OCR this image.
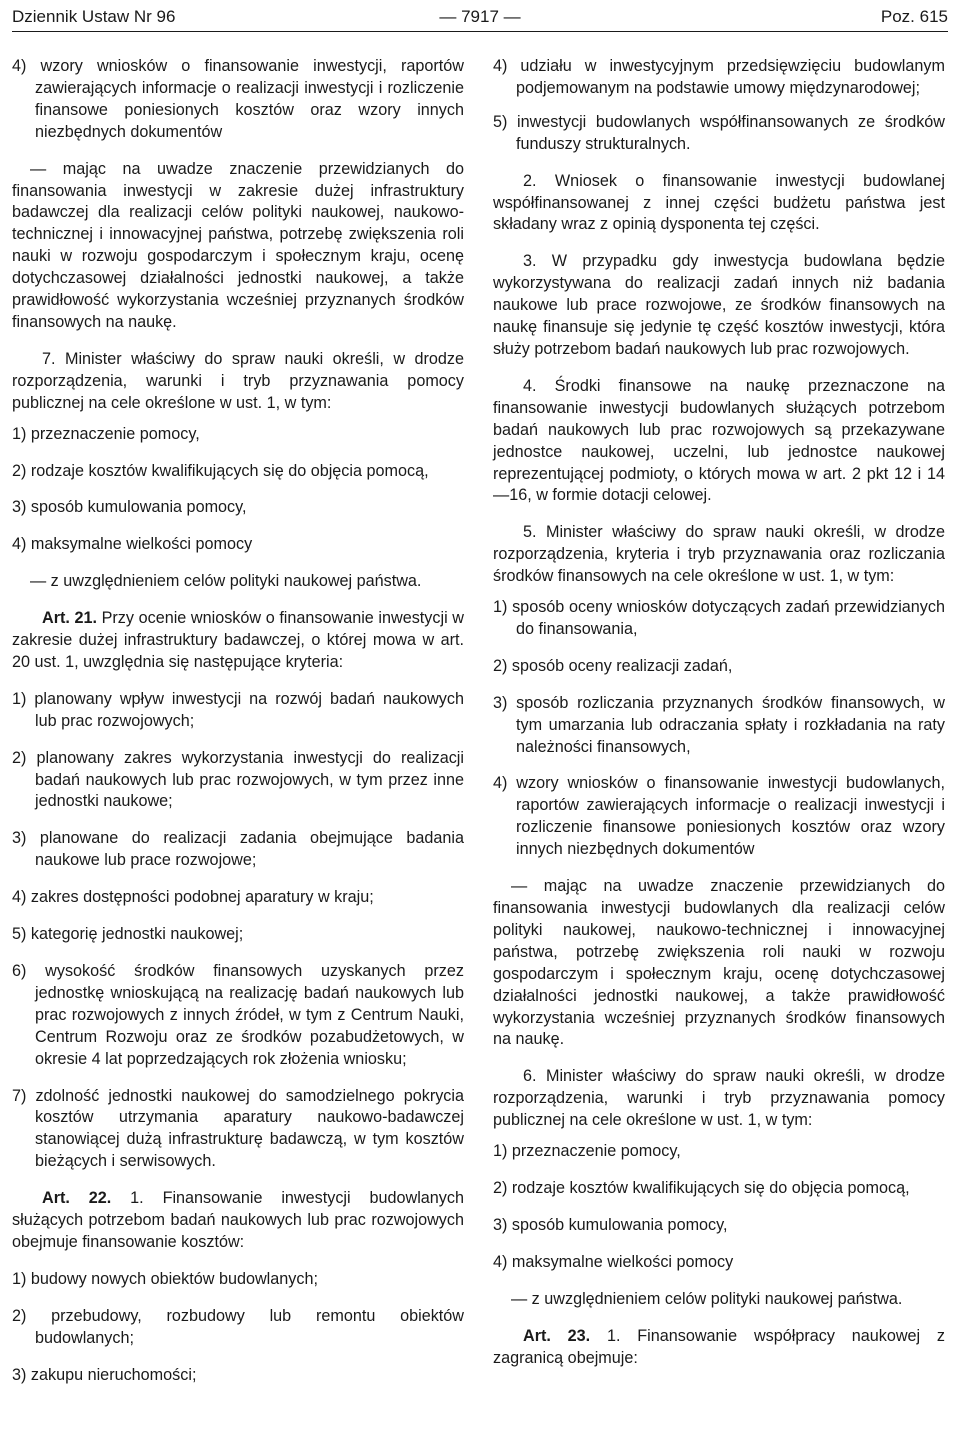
Dziennik Ustaw Nr 96	— 7917 —	Poz. 615

4) wzory wniosków o finansowanie inwestycji, raportów zawierających informacje o realizacji inwestycji i rozliczenie finansowe poniesionych kosztów oraz wzory innych niezbędnych dokumentów

— mając na uwadze znaczenie przewidzianych do finansowania inwestycji w zakresie dużej infrastruktury badawczej dla realizacji celów polityki naukowej, naukowo-technicznej i innowacyjnej państwa, potrzebę zwiększenia roli nauki w rozwoju gospodarczym i społecznym kraju, ocenę dotychczasowej działalności jednostki naukowej, a także prawidłowość wykorzystania wcześniej przyznanych środków finansowych na naukę.

7. Minister właściwy do spraw nauki określi, w drodze rozporządzenia, warunki i tryb przyznawania pomocy publicznej na cele określone w ust. 1, w tym:

1) przeznaczenie pomocy,

2) rodzaje kosztów kwalifikujących się do objęcia pomocą,

3) sposób kumulowania pomocy,

4) maksymalne wielkości pomocy

— z uwzględnieniem celów polityki naukowej państwa.

Art. 21. Przy ocenie wniosków o finansowanie inwestycji w zakresie dużej infrastruktury badawczej, o której mowa w art. 20 ust. 1, uwzględnia się następujące kryteria:

1) planowany wpływ inwestycji na rozwój badań naukowych lub prac rozwojowych;

2) planowany zakres wykorzystania inwestycji do realizacji badań naukowych lub prac rozwojowych, w tym przez inne jednostki naukowe;

3) planowane do realizacji zadania obejmujące badania naukowe lub prace rozwojowe;

4) zakres dostępności podobnej aparatury w kraju;

5) kategorię jednostki naukowej;

6) wysokość środków finansowych uzyskanych przez jednostkę wnioskującą na realizację badań naukowych lub prac rozwojowych z innych źródeł, w tym z Centrum Nauki, Centrum Rozwoju oraz ze środków pozabudżetowych, w okresie 4 lat poprzedzających rok złożenia wniosku;

7) zdolność jednostki naukowej do samodzielnego pokrycia kosztów utrzymania aparatury naukowo-badawczej stanowiącej dużą infrastrukturę badawczą, w tym kosztów bieżących i serwisowych.

Art. 22. 1. Finansowanie inwestycji budowlanych służących potrzebom badań naukowych lub prac rozwojowych obejmuje finansowanie kosztów:

1) budowy nowych obiektów budowlanych;

2) przebudowy, rozbudowy lub remontu obiektów budowlanych;

3) zakupu nieruchomości;

4) udziału w inwestycyjnym przedsięwzięciu budowlanym podjemowanym na podstawie umowy międzynarodowej;

5) inwestycji budowlanych współfinansowanych ze środków funduszy strukturalnych.

2. Wniosek o finansowanie inwestycji budowlanej współfinansowanej z innej części budżetu państwa jest składany wraz z opinią dysponenta tej części.

3. W przypadku gdy inwestycja budowlana będzie wykorzystywana do realizacji zadań innych niż badania naukowe lub prace rozwojowe, ze środków finansowych na naukę finansuje się jedynie tę część kosztów inwestycji, która służy potrzebom badań naukowych lub prac rozwojowych.

4. Środki finansowe na naukę przeznaczone na finansowanie inwestycji budowlanych służących potrzebom badań naukowych lub prac rozwojowych są przekazywane jednostce naukowej, uczelni, lub jednostce naukowej reprezentującej podmioty, o których mowa w art. 2 pkt 12 i 14—16, w formie dotacji celowej.

5. Minister właściwy do spraw nauki określi, w drodze rozporządzenia, kryteria i tryb przyznawania oraz rozliczania środków finansowych na cele określone w ust. 1, w tym:

1) sposób oceny wniosków dotyczących zadań przewidzianych do finansowania,

2) sposób oceny realizacji zadań,

3) sposób rozliczania przyznanych środków finansowych, w tym umarzania lub odraczania spłaty i rozkładania na raty należności finansowych,

4) wzory wniosków o finansowanie inwestycji budowlanych, raportów zawierających informacje o realizacji inwestycji i rozliczenie finansowe poniesionych kosztów oraz wzory innych niezbędnych dokumentów

— mając na uwadze znaczenie przewidzianych do finansowania inwestycji budowlanych dla realizacji celów polityki naukowej, naukowo-technicznej i innowacyjnej państwa, potrzebę zwiększenia roli nauki w rozwoju gospodarczym i społecznym kraju, ocenę dotychczasowej działalności jednostki naukowej, a także prawidłowość wykorzystania wcześniej przyznanych środków finansowych na naukę.

6. Minister właściwy do spraw nauki określi, w drodze rozporządzenia, warunki i tryb przyznawania pomocy publicznej na cele określone w ust. 1, w tym:

1) przeznaczenie pomocy,

2) rodzaje kosztów kwalifikujących się do objęcia pomocą,

3) sposób kumulowania pomocy,

4) maksymalne wielkości pomocy

— z uwzględnieniem celów polityki naukowej państwa.

Art. 23. 1. Finansowanie współpracy naukowej z zagranicą obejmuje:
